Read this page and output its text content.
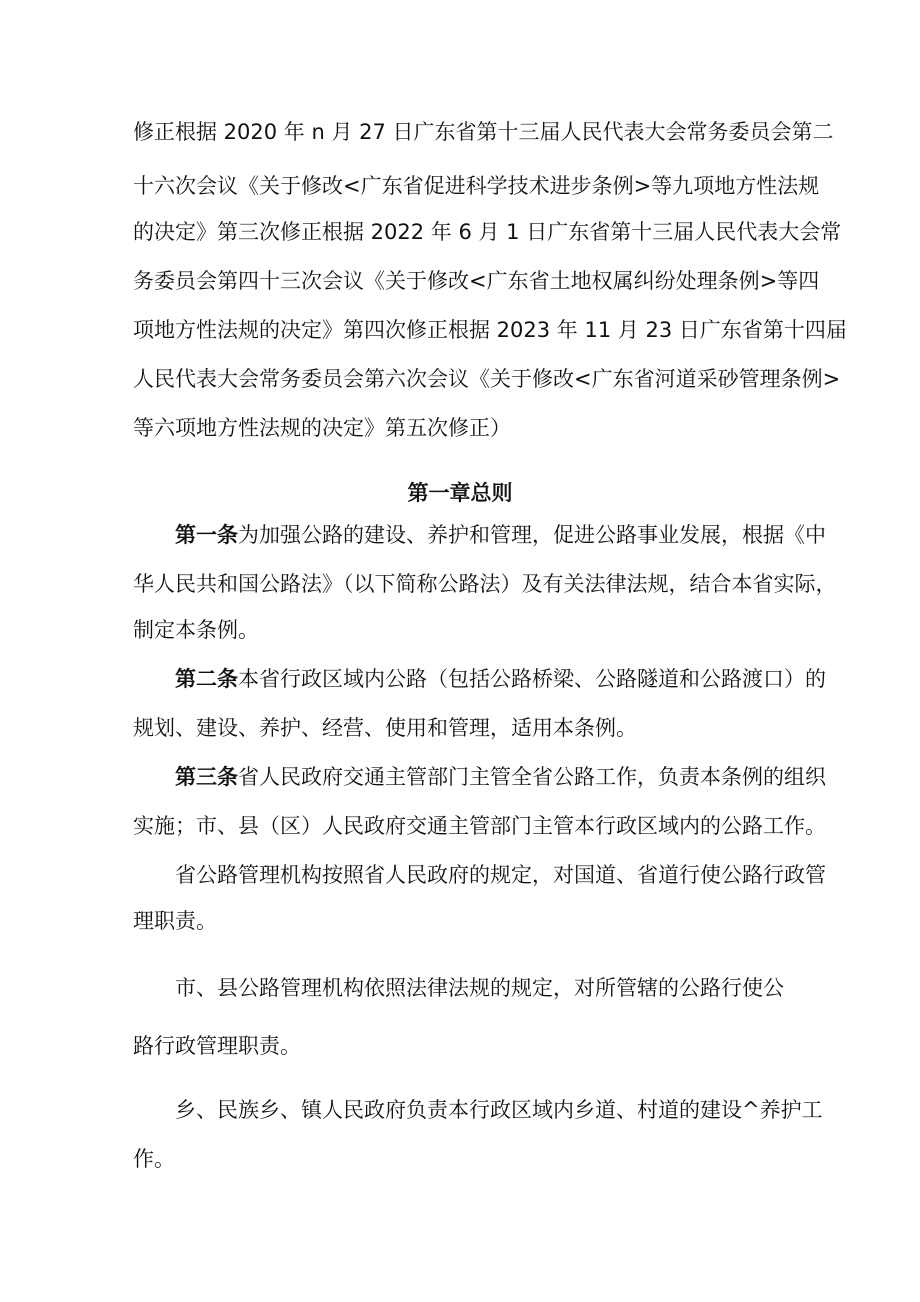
修正根据 2020 年 n 月 27 日广东省第十三届人民代表大会常务委员会第二
十六次会议《关于修改<广东省促进科学技术进步条例>等九项地方性法规
的决定》第三次修正根据 2022 年 6 月 1 日广东省第十三届人民代表大会常
务委员会第四十三次会议《关于修改<广东省土地权属纠纷处理条例>等四
项地方性法规的决定》第四次修正根据 2023 年 11 月 23 日广东省第十四届
人民代表大会常务委员会第六次会议《关于修改<广东省河道采砂管理条例>
等六项地方性法规的决定》第五次修正）
第一章总则
第一条为加强公路的建设、养护和管理，促进公路事业发展，根据《中
华人民共和国公路法》（以下简称公路法）及有关法律法规，结合本省实际，
制定本条例。
第二条本省行政区域内公路（包括公路桥梁、公路隧道和公路渡口）的
规划、建设、养护、经营、使用和管理，适用本条例。
第三条省人民政府交通主管部门主管全省公路工作，负责本条例的组织
实施；市、县（区）人民政府交通主管部门主管本行政区域内的公路工作。
省公路管理机构按照省人民政府的规定，对国道、省道行使公路行政管
理职责。
市、县公路管理机构依照法律法规的规定，对所管辖的公路行使公
路行政管理职责。
乡、民族乡、镇人民政府负责本行政区域内乡道、村道的建设^养护工
作。
